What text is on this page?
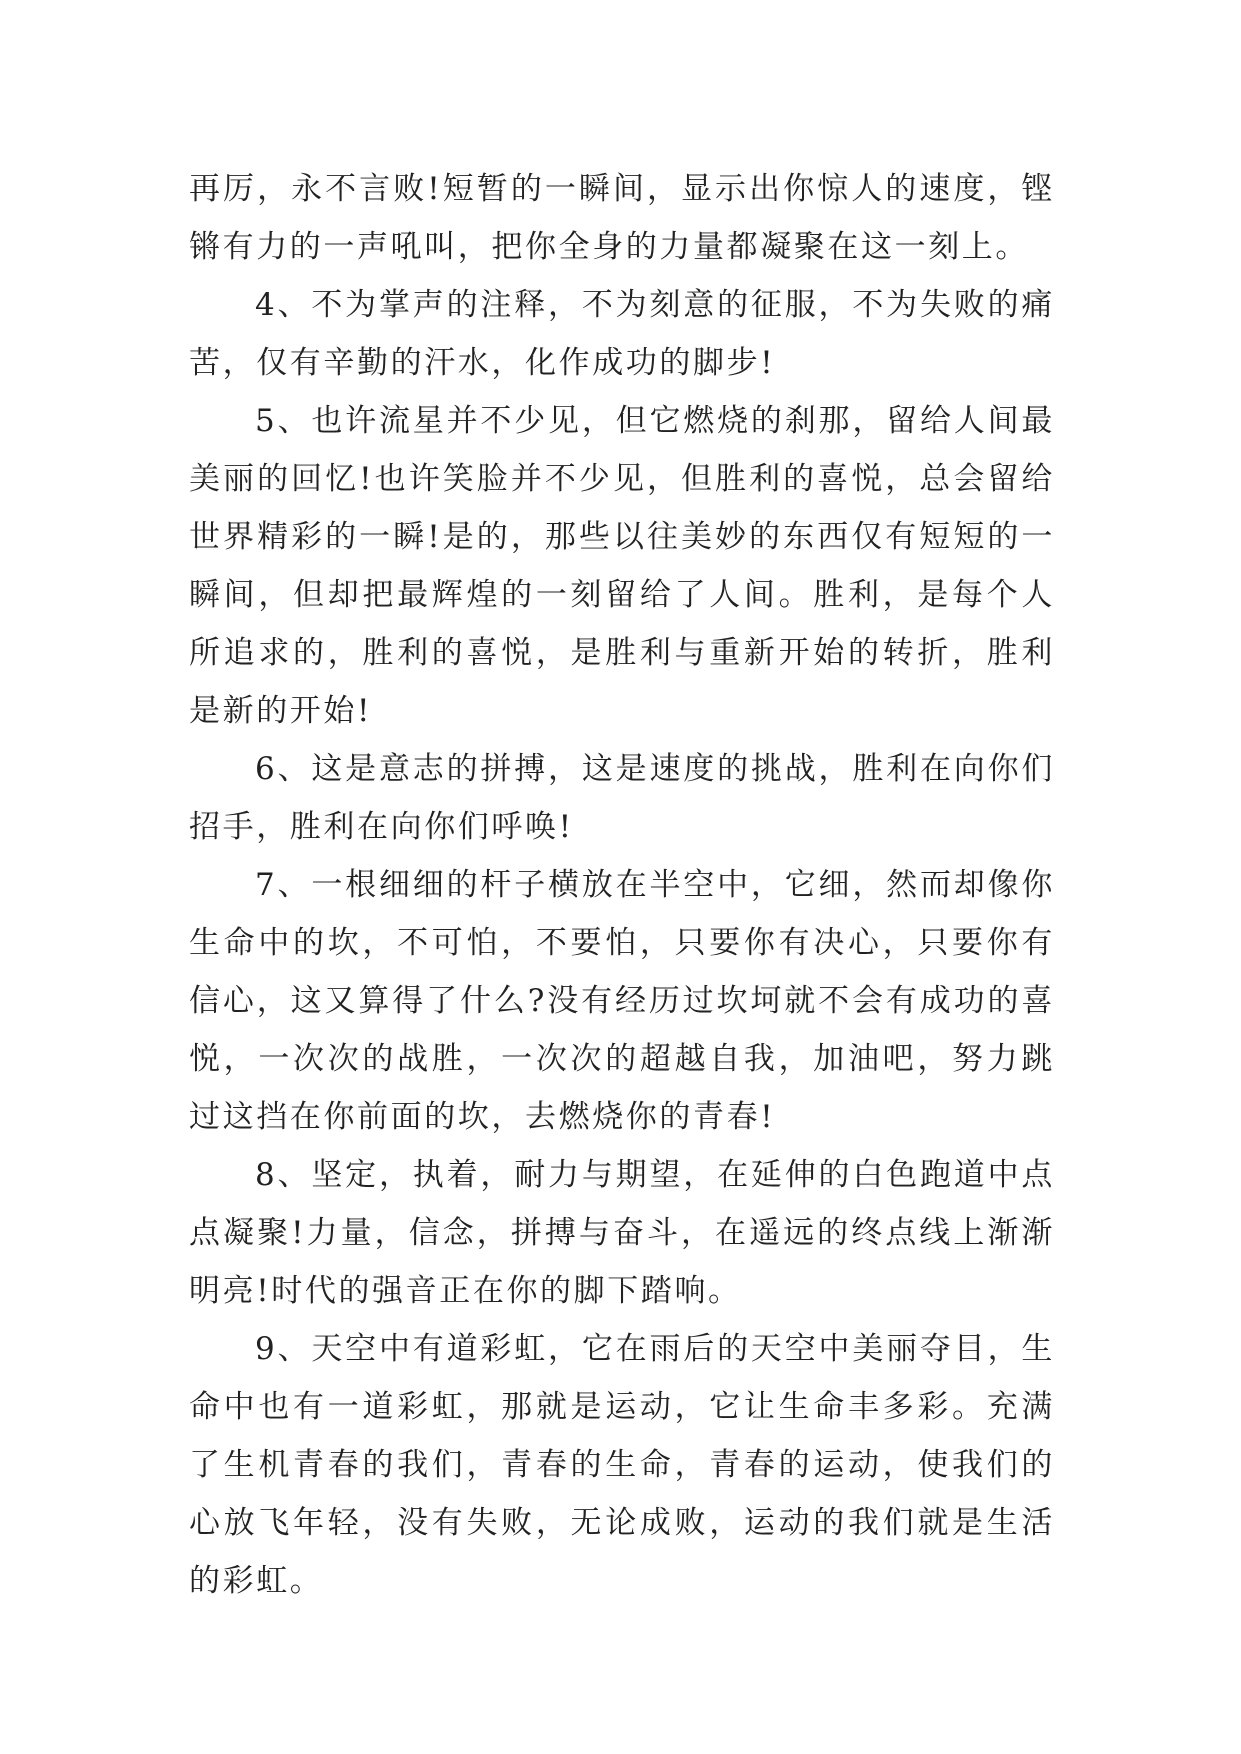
再厉，永不言败!短暂的一瞬间，显示出你惊人的速度，铿锵有力的一声吼叫，把你全身的力量都凝聚在这一刻上。

4、不为掌声的注释，不为刻意的征服，不为失败的痛苦，仅有辛勤的汗水，化作成功的脚步!

5、也许流星并不少见，但它燃烧的刹那，留给人间最美丽的回忆!也许笑脸并不少见，但胜利的喜悦，总会留给世界精彩的一瞬!是的，那些以往美妙的东西仅有短短的一瞬间，但却把最辉煌的一刻留给了人间。胜利，是每个人所追求的，胜利的喜悦，是胜利与重新开始的转折，胜利是新的开始!

6、这是意志的拼搏，这是速度的挑战，胜利在向你们招手，胜利在向你们呼唤!

7、一根细细的杆子横放在半空中，它细，然而却像你生命中的坎，不可怕，不要怕，只要你有决心，只要你有信心，这又算得了什么?没有经历过坎坷就不会有成功的喜悦，一次次的战胜，一次次的超越自我，加油吧，努力跳过这挡在你前面的坎，去燃烧你的青春!

8、坚定，执着，耐力与期望，在延伸的白色跑道中点点凝聚!力量，信念，拼搏与奋斗，在遥远的终点线上渐渐明亮!时代的强音正在你的脚下踏响。

9、天空中有道彩虹，它在雨后的天空中美丽夺目，生命中也有一道彩虹，那就是运动，它让生命丰多彩。充满了生机青春的我们，青春的生命，青春的运动，使我们的心放飞年轻，没有失败，无论成败，运动的我们就是生活的彩虹。
